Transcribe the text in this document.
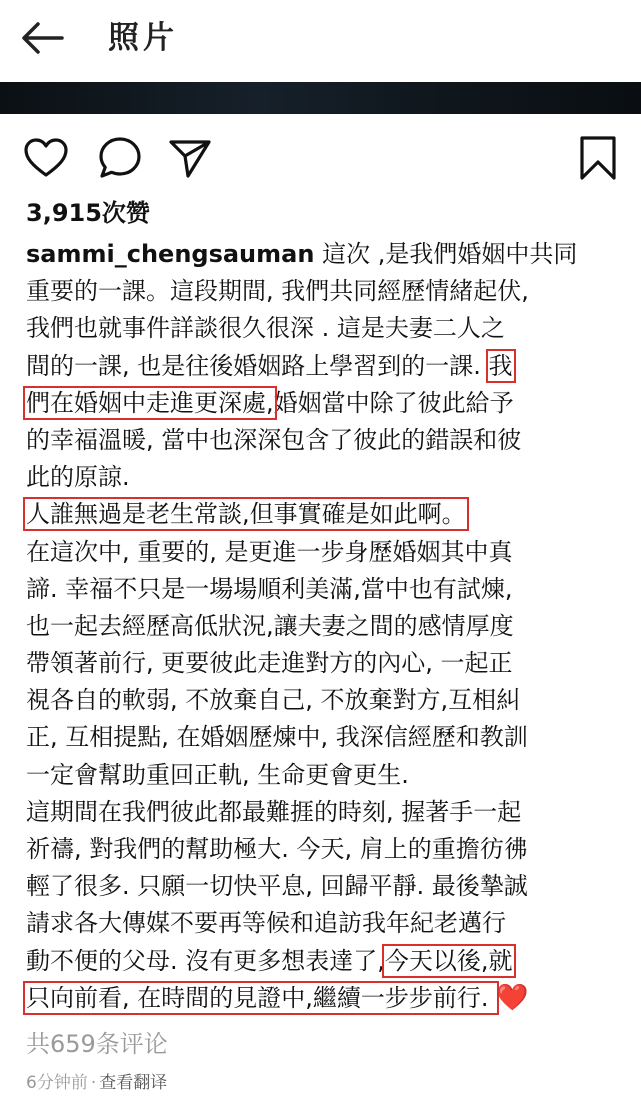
照片
3,915次赞
sammi_chengsauman 這次 ,是我們婚姻中共同
重要的一課。這段期間, 我們共同經歷情緒起伏,
我們也就事件詳談很久很深 . 這是夫妻二人之
間的一課, 也是往後婚姻路上學習到的一課. 我
們在婚姻中走進更深處,婚姻當中除了彼此給予
的幸福溫暖, 當中也深深包含了彼此的錯誤和彼
此的原諒.
人誰無過是老生常談,但事實確是如此啊。
在這次中, 重要的, 是更進一步身歷婚姻其中真
諦. 幸福不只是一場場順利美滿,當中也有試煉,
也一起去經歷高低狀況,讓夫妻之間的感情厚度
帶領著前行, 更要彼此走進對方的內心, 一起正
視各自的軟弱, 不放棄自己, 不放棄對方,互相糾
正, 互相提點, 在婚姻歷煉中, 我深信經歷和教訓
一定會幫助重回正軌, 生命更會更生.
這期間在我們彼此都最難捱的時刻, 握著手一起
祈禱, 對我們的幫助極大. 今天, 肩上的重擔彷彿
輕了很多. 只願一切快平息, 回歸平靜. 最後摯誠
請求各大傳媒不要再等候和追訪我年紀老邁行
動不便的父母. 沒有更多想表達了,今天以後,就
只向前看, 在時間的見證中,繼續一步步前行. ❤️
共659条评论
6分钟前 · 查看翻译
